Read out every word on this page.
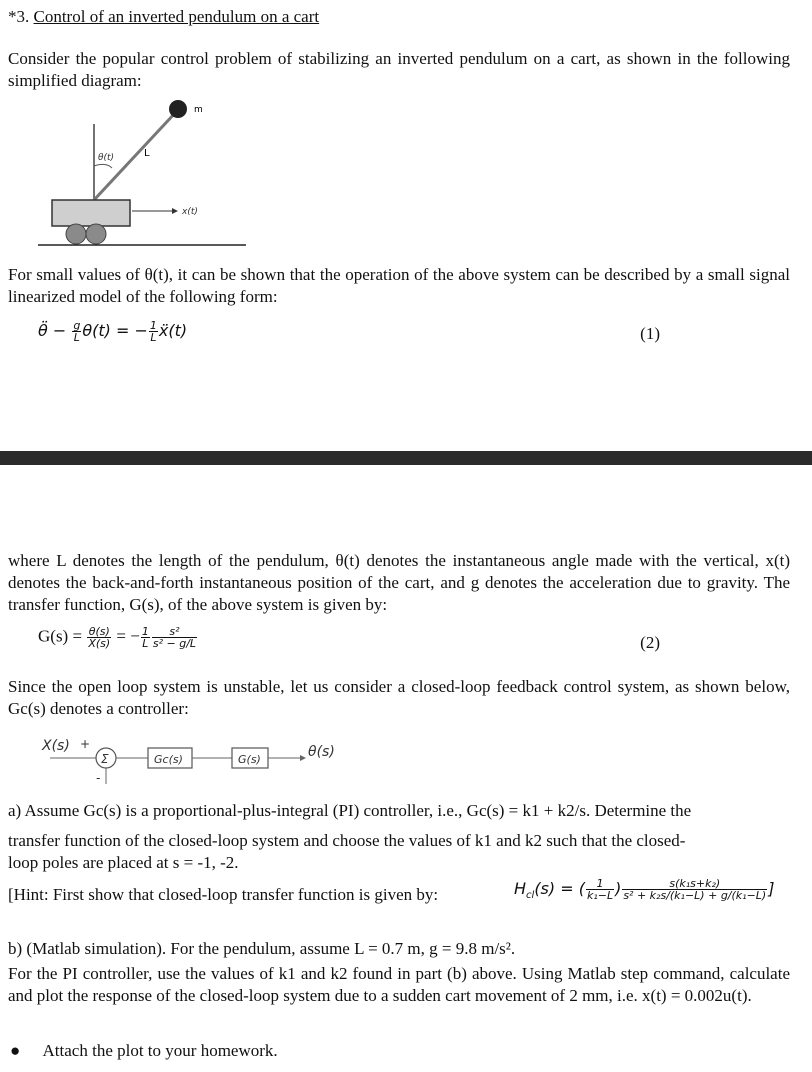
*3. Control of an inverted pendulum on a cart
Consider the popular control problem of stabilizing an inverted pendulum on a cart, as shown in the following simplified diagram:
m
θ(t)	L
x(t)
For small values of θ(t), it can be shown that the operation of the above system can be described by a small signal linearized model of the following form:
θ̈ − $\frac{g}{L} \theta(t)$ = − $\frac{1}{L}$ ẍ(t)	(1)
where L denotes the length of the pendulum, θ(t) denotes the instantaneous angle made with the vertical, x(t) denotes the back-and-forth instantaneous position of the cart, and g denotes the acceleration due to gravity. The transfer function, G(s), of the above system is given by:
$G(s) = \frac{\theta(s)}{X(s)}$ = − $\frac{1}{L} \frac{\text{s²}}{\text{s² − g/L}}$	(2)
Since the open loop system is unstable, let us consider a closed-loop feedback control system, as shown below, Gc(s) denotes a controller:
X(s) +
Σ
-
Gc(s)	G(s)	θ(s)
a) Assume Gc(s) is a proportional-plus-integral (PI) controller, i.e., Gc(s) = k1 + k2/s. Determine the
transfer function of the closed-loop system and choose the values of k1 and k2 such that the closed-
loop poles are placed at s = -1, -2.
[Hint: First show that closed-loop transfer function is given by:	$H_{cl}(s)$ = ( $\frac{1}{\text{k₁−L}}$ ) $\frac{\text{s(k₁s+k₂)}}{\text{s² + k₂s/(k₁−L) + g/(k₁−L)}}$ ]
b) (Matlab simulation). For the pendulum, assume L = 0.7 m, g = 9.8 m/s².
For the PI controller, use the values of k1 and k2 found in part (b) above. Using Matlab step command, calculate and plot the response of the closed-loop system due to a sudden cart movement of 2 mm, i.e. x(t) = 0.002u(t).
● Attach the plot to your homework.
